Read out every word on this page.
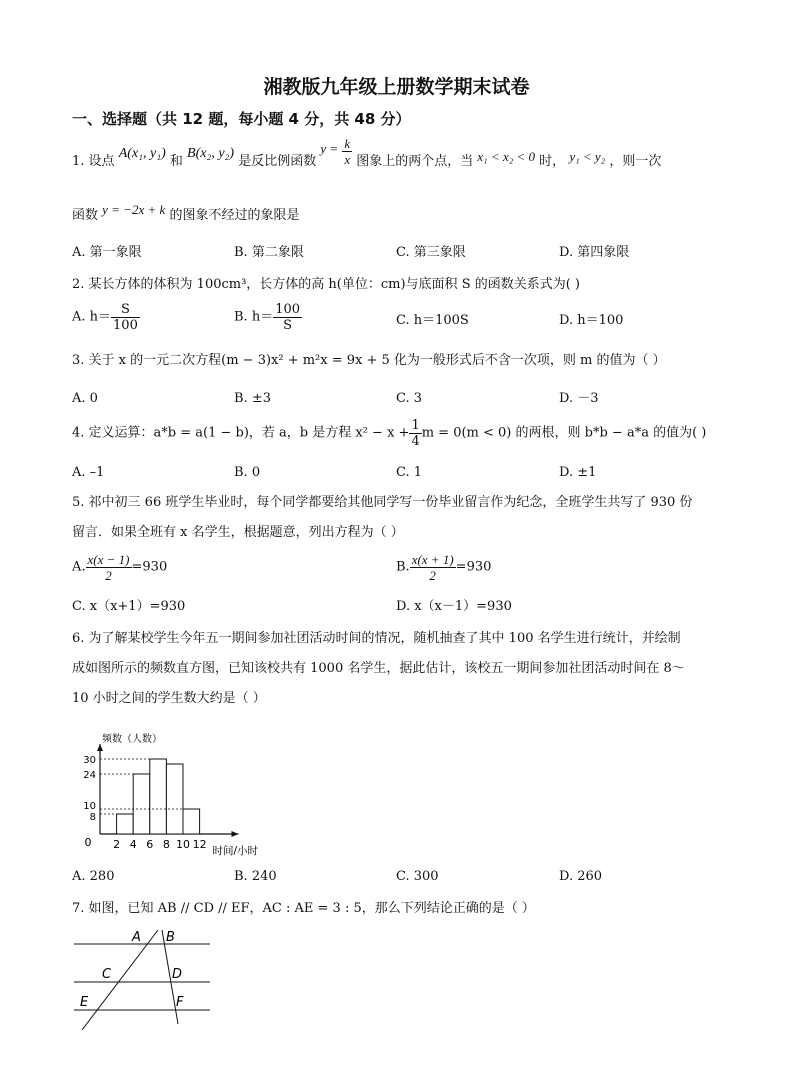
湘教版九年级上册数学期末试卷
一、选择题（共 12 题，每小题 4 分，共 48 分）
1. 设点 A(x₁, y₁) 和 B(x₂, y₂) 是反比例函数 $y = \frac{k}{x}$ 图象上的两个点，当 x₁ < x₂ < 0 时， y₁ < y₂ ，则一次
函数 y = −2x + k 的图象不经过的象限是
A. 第一象限	B. 第二象限	C. 第三象限	D. 第四象限
2. 某长方体的体积为 100cm³，长方体的高 h(单位：cm)与底面积 S 的函数关系式为( )
A. $h= \frac{S}{100}$	B. $h= \frac{100}{S}$	C. h＝100S	D. h＝100
3. 关于 x 的一元二次方程(m − 3)x² + m²x = 9x + 5 化为一般形式后不含一次项，则 m 的值为（ ）
A. 0	B. ±3	C. 3	D. －3
4. 定义运算：a*b = a(1 − b)，若 a，b 是方程 $x^2 - x + \frac{1}{4}$ m = 0(m < 0) 的两根，则 b*b − a*a 的值为( )
A. –1	B. 0	C. 1	D. ±1
5. 祁中初三 66 班学生毕业时，每个同学都要给其他同学写一份毕业留言作为纪念，全班学生共写了 930 份
留言．如果全班有 x 名学生，根据题意，列出方程为（ ）
A. $\frac{x(x - 1)}{2} =930$	B. $\frac{x(x + 1)}{2} =930$
C. x（x+1）=930	D. x（x－1）=930
6. 为了解某校学生今年五一期间参加社团活动时间的情况，随机抽查了其中 100 名学生进行统计，并绘制
成如图所示的频数直方图，已知该校共有 1000 名学生，据此估计，该校五一期间参加社团活动时间在 8～
10 小时之间的学生数大约是（ ）
8
10
24
30
2 4 6 8 10 12
0
频数（人数）
时间/小时
A. 280	B. 240	C. 300	D. 260
7. 如图，已知 AB // CD // EF，AC : AE = 3 : 5，那么下列结论正确的是（ ）
A B
C	D
E	F
